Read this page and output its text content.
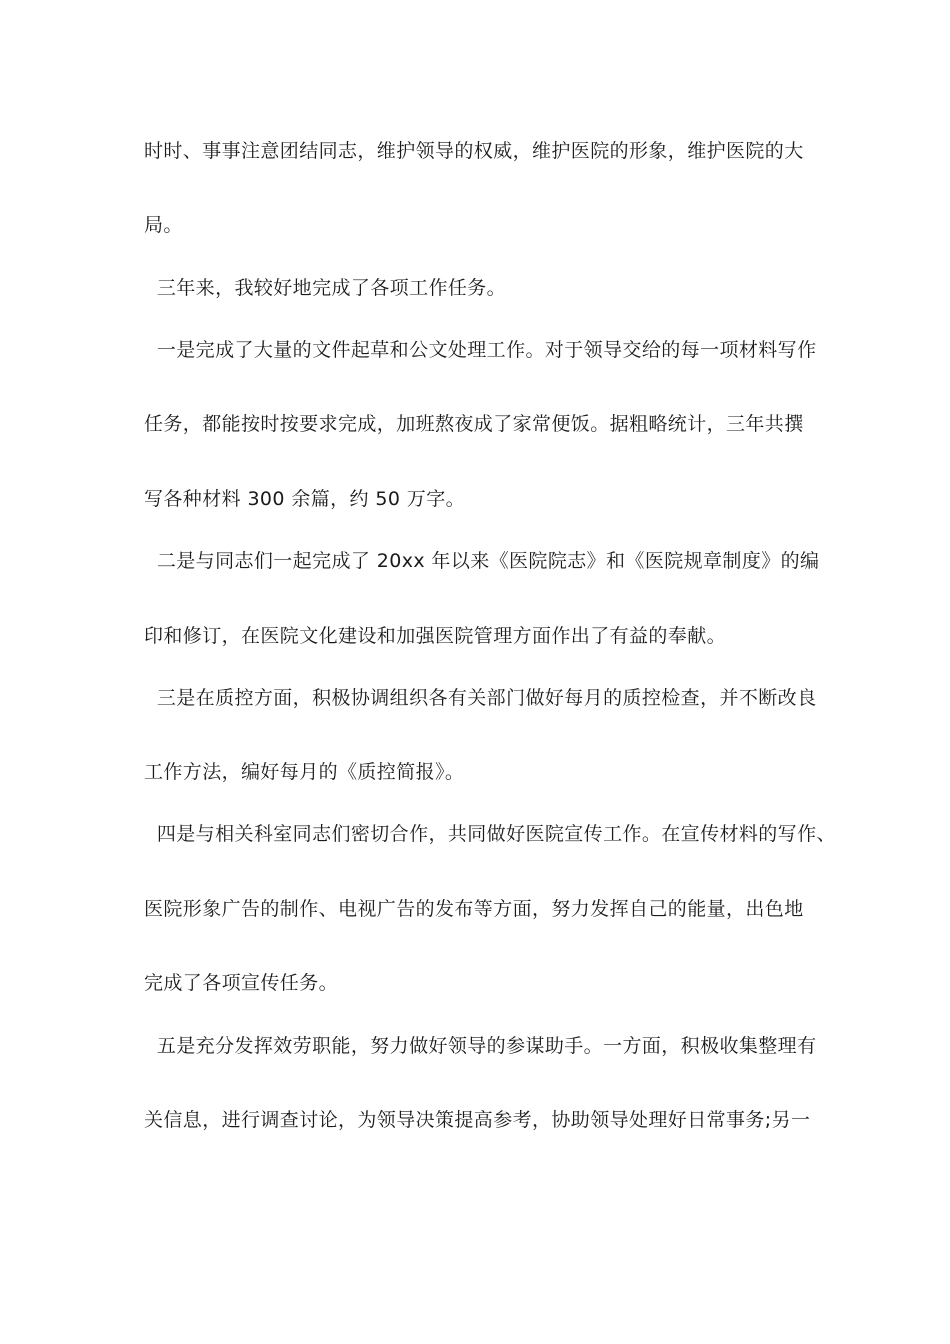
时时、事事注意团结同志，维护领导的权威，维护医院的形象，维护医院的大
局。
三年来，我较好地完成了各项工作任务。
一是完成了大量的文件起草和公文处理工作。对于领导交给的每一项材料写作
任务，都能按时按要求完成，加班熬夜成了家常便饭。据粗略统计，三年共撰
写各种材料 300 余篇，约 50 万字。
二是与同志们一起完成了 20xx 年以来《医院院志》和《医院规章制度》的编
印和修订，在医院文化建设和加强医院管理方面作出了有益的奉献。
三是在质控方面，积极协调组织各有关部门做好每月的质控检查，并不断改良
工作方法，编好每月的《质控简报》。
四是与相关科室同志们密切合作，共同做好医院宣传工作。在宣传材料的写作、
医院形象广告的制作、电视广告的发布等方面，努力发挥自己的能量，出色地
完成了各项宣传任务。
五是充分发挥效劳职能，努力做好领导的参谋助手。一方面，积极收集整理有
关信息，进行调查讨论，为领导决策提高参考，协助领导处理好日常事务;另一
